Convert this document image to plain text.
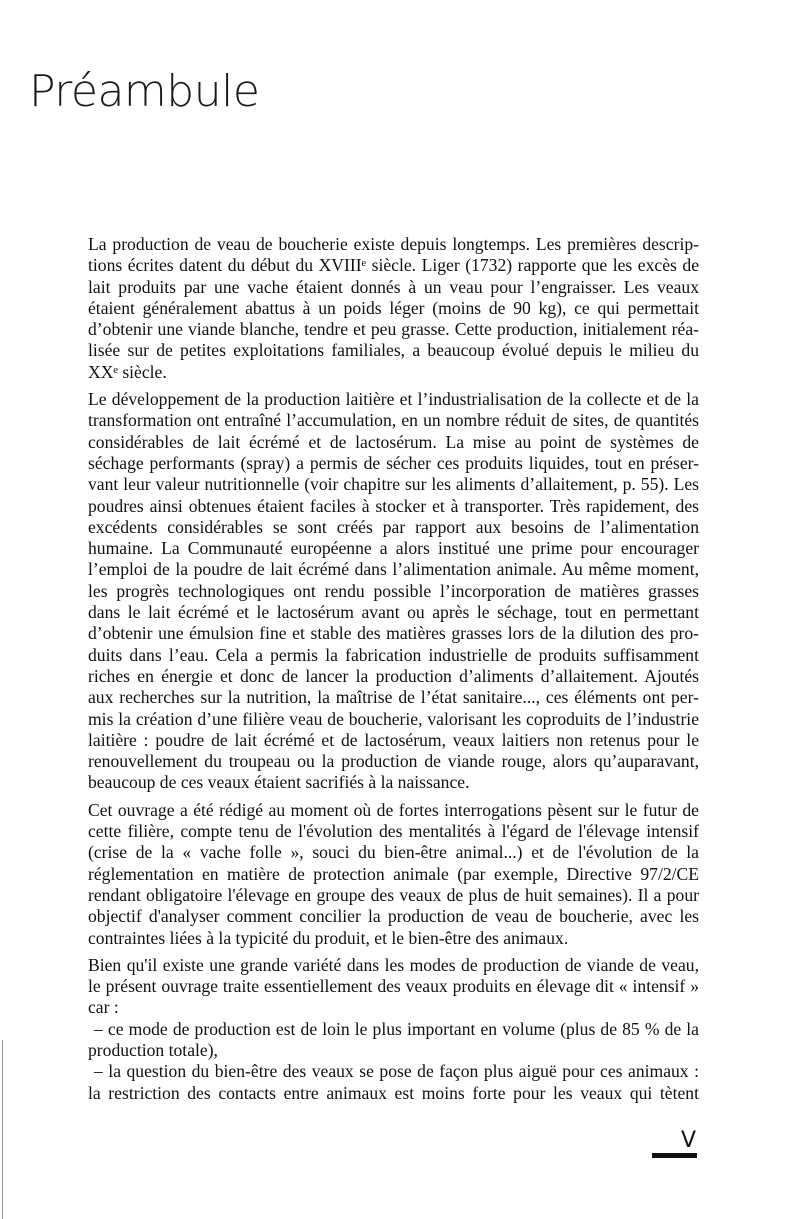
Préambule
La production de veau de boucherie existe depuis longtemps. Les premières descrip-
tions écrites datent du début du XVIIIᵉ siècle. Liger (1732) rapporte que les excès de
lait produits par une vache étaient donnés à un veau pour l’engraisser. Les veaux
étaient généralement abattus à un poids léger (moins de 90 kg), ce qui permettait
d’obtenir une viande blanche, tendre et peu grasse. Cette production, initialement réa-
lisée sur de petites exploitations familiales, a beaucoup évolué depuis le milieu du
XXᵉ siècle.
Le développement de la production laitière et l’industrialisation de la collecte et de la
transformation ont entraîné l’accumulation, en un nombre réduit de sites, de quantités
considérables de lait écrémé et de lactosérum. La mise au point de systèmes de
séchage performants (spray) a permis de sécher ces produits liquides, tout en préser-
vant leur valeur nutritionnelle (voir chapitre sur les aliments d’allaitement, p. 55). Les
poudres ainsi obtenues étaient faciles à stocker et à transporter. Très rapidement, des
excédents considérables se sont créés par rapport aux besoins de l’alimentation
humaine. La Communauté européenne a alors institué une prime pour encourager
l’emploi de la poudre de lait écrémé dans l’alimentation animale. Au même moment,
les progrès technologiques ont rendu possible l’incorporation de matières grasses
dans le lait écrémé et le lactosérum avant ou après le séchage, tout en permettant
d’obtenir une émulsion fine et stable des matières grasses lors de la dilution des pro-
duits dans l’eau. Cela a permis la fabrication industrielle de produits suffisamment
riches en énergie et donc de lancer la production d’aliments d’allaitement. Ajoutés
aux recherches sur la nutrition, la maîtrise de l’état sanitaire..., ces éléments ont per-
mis la création d’une filière veau de boucherie, valorisant les coproduits de l’industrie
laitière : poudre de lait écrémé et de lactosérum, veaux laitiers non retenus pour le
renouvellement du troupeau ou la production de viande rouge, alors qu’auparavant,
beaucoup de ces veaux étaient sacrifiés à la naissance.
Cet ouvrage a été rédigé au moment où de fortes interrogations pèsent sur le futur de
cette filière, compte tenu de l'évolution des mentalités à l'égard de l'élevage intensif
(crise de la « vache folle », souci du bien-être animal...) et de l'évolution de la
réglementation en matière de protection animale (par exemple, Directive 97/2/CE
rendant obligatoire l'élevage en groupe des veaux de plus de huit semaines). Il a pour
objectif d'analyser comment concilier la production de veau de boucherie, avec les
contraintes liées à la typicité du produit, et le bien-être des animaux.
Bien qu'il existe une grande variété dans les modes de production de viande de veau,
le présent ouvrage traite essentiellement des veaux produits en élevage dit « intensif »
car :
– ce mode de production est de loin le plus important en volume (plus de 85 % de la
production totale),
– la question du bien-être des veaux se pose de façon plus aiguë pour ces animaux :
la restriction des contacts entre animaux est moins forte pour les veaux qui tètent
V
